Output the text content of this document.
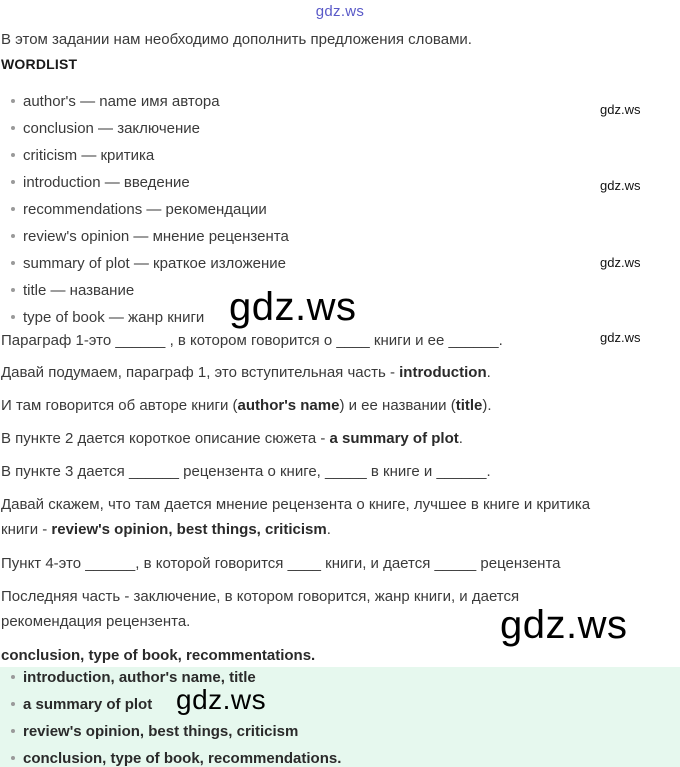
gdz.ws
В этом задании нам необходимо дополнить предложения словами.
WORDLIST
author's — name имя автора
conclusion — заключение
criticism — критика
introduction — введение
recommendations — рекомендации
review's opinion — мнение рецензента
summary of plot — краткое изложение
title — название
type of book — жанр книги
Параграф 1-это ______ , в котором говорится о ____ книги и ее ______.
Давай подумаем, параграф 1, это вступительная часть - introduction.
И там говорится об авторе книги (author's name) и ее названии (title).
В пункте 2 дается короткое описание сюжета - a summary of plot.
В пункте 3 дается ______ рецензента о книге, _____ в книге и ______.
Давай скажем, что там дается мнение рецензента о книге, лучшее в книге и критика
книги - review's opinion, best things, criticism.
Пункт 4-это ______, в которой говорится ____ книги, и дается _____ рецензента
Последняя часть - заключение, в котором говорится, жанр книги, и дается
рекомендация рецензента.
conclusion, type of book, recommentations.
introduction, author's name, title
a summary of plot
review's opinion, best things, criticism
conclusion, type of book, recommendations.
gdz.ws
gdz.ws
gdz.ws
gdz.ws
gdz.ws
gdz.ws
gdz.ws
